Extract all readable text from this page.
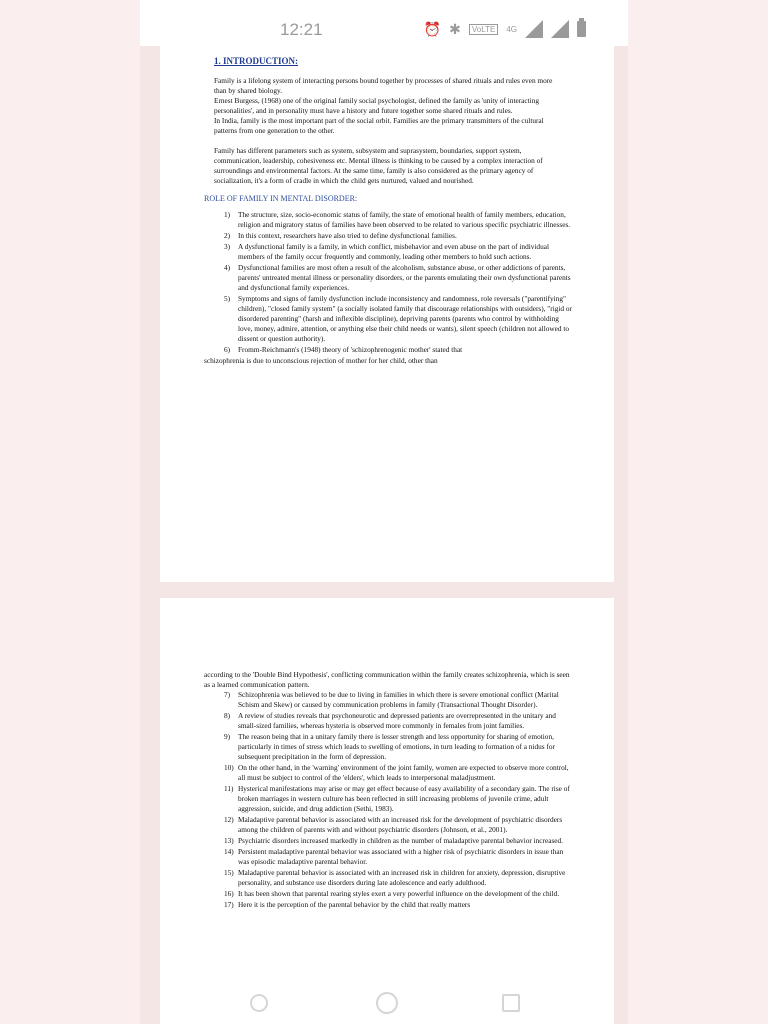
12:21	⏰ ✱	VoLTE	4G
1. INTRODUCTION:
Family is a lifelong system of interacting persons bound together by processes of shared rituals and rules even more than by shared biology.
Ernest Burgess, (1968) one of the original family social psychologist, defined the family as 'unity of interacting personalities', and in personality must have a history and future together some shared rituals and rules.
In India, family is the most important part of the social orbit. Families are the primary transmitters of the cultural patterns from one generation to the other.
Family has different parameters such as system, subsystem and suprasystem, boundaries, support system, communication, leadership, cohesiveness etc. Mental illness is thinking to be caused by a complex interaction of surroundings and environmental factors. At the same time, family is also considered as the primary agency of socialization, it's a form of cradle in which the child gets nurtured, valued and nourished.
ROLE OF FAMILY IN MENTAL DISORDER:
1) The structure, size, socio-economic status of family, the state of emotional health of family members, education, religion and migratory status of families have been observed to be related to various specific psychiatric illnesses.
2) In this context, researchers have also tried to define dysfunctional families.
3) A dysfunctional family is a family, in which conflict, misbehavior and even abuse on the part of individual members of the family occur frequently and commonly, leading other members to hold such actions.
4) Dysfunctional families are most often a result of the alcoholism, substance abuse, or other addictions of parents, parents' untreated mental illness or personality disorders, or the parents emulating their own dysfunctional parents and dysfunctional family experiences.
5) Symptoms and signs of family dysfunction include inconsistency and randomness, role reversals ("parentifying" children), "closed family system" (a socially isolated family that discourage relationships with outsiders), "rigid or disordered parenting" (harsh and inflexible discipline), depriving parents (parents who control by withholding love, money, admire, attention, or anything else their child needs or wants), silent speech (children not allowed to dissent or question authority).
6) Fromm-Reichmann's (1948) theory of 'schizophrenogenic mother' stated that
schizophrenia is due to unconscious rejection of mother for her child, other than
according to the 'Double Bind Hypothesis', conflicting communication within the family creates schizophrenia, which is seen as a learned communication pattern.
7) Schizophrenia was believed to be due to living in families in which there is severe emotional conflict (Marital Schism and Skew) or caused by communication problems in family (Transactional Thought Disorder).
8) A review of studies reveals that psychoneurotic and depressed patients are overrepresented in the unitary and small-sized families, whereas hysteria is observed more commonly in females from joint families.
9) The reason being that in a unitary family there is lesser strength and less opportunity for sharing of emotion, particularly in times of stress which leads to swelling of emotions, in turn leading to formation of a nidus for subsequent precipitation in the form of depression.
10) On the other hand, in the 'warning' environment of the joint family, women are expected to observe more control, all must be subject to control of the 'elders', which leads to interpersonal maladjustment.
11) Hysterical manifestations may arise or may get effect because of easy availability of a secondary gain. The rise of broken marriages in western culture has been reflected in still increasing problems of juvenile crime, adult aggression, suicide, and drug addiction (Sethi, 1983).
12) Maladaptive parental behavior is associated with an increased risk for the development of psychiatric disorders among the children of parents with and without psychiatric disorders (Johnson, et al., 2001).
13) Psychiatric disorders increased markedly in children as the number of maladaptive parental behavior increased.
14) Persistent maladaptive parental behavior was associated with a higher risk of psychiatric disorders in issue than was episodic maladaptive parental behavior.
15) Maladaptive parental behavior is associated with an increased risk in children for anxiety, depression, disruptive personality, and substance use disorders during late adolescence and early adulthood.
16) It has been shown that parental rearing styles exert a very powerful influence on the development of the child.
17) Here it is the perception of the parental behavior by the child that really matters
